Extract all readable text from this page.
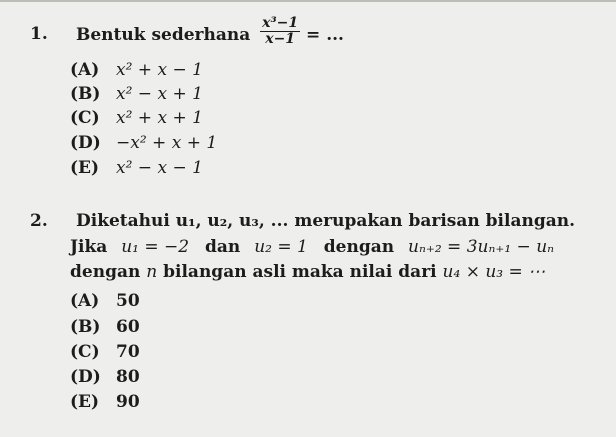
1. Bentuk sederhana $\frac{\text{x³−1}}{x-1}$ = ...
(A) x² + x − 1
(B) x² − x + 1
(C) x² + x + 1
(D) −x² + x + 1
(E) x² − x − 1
2. Diketahui u₁, u₂, u₃, ... merupakan barisan bilangan.
Jika u₁ = −2 dan u₂ = 1 dengan uₙ₊₂ = 3uₙ₊₁ − uₙ
dengan n bilangan asli maka nilai dari u₄ × u₃ = ⋯
(A) 50
(B) 60
(C) 70
(D) 80
(E) 90
